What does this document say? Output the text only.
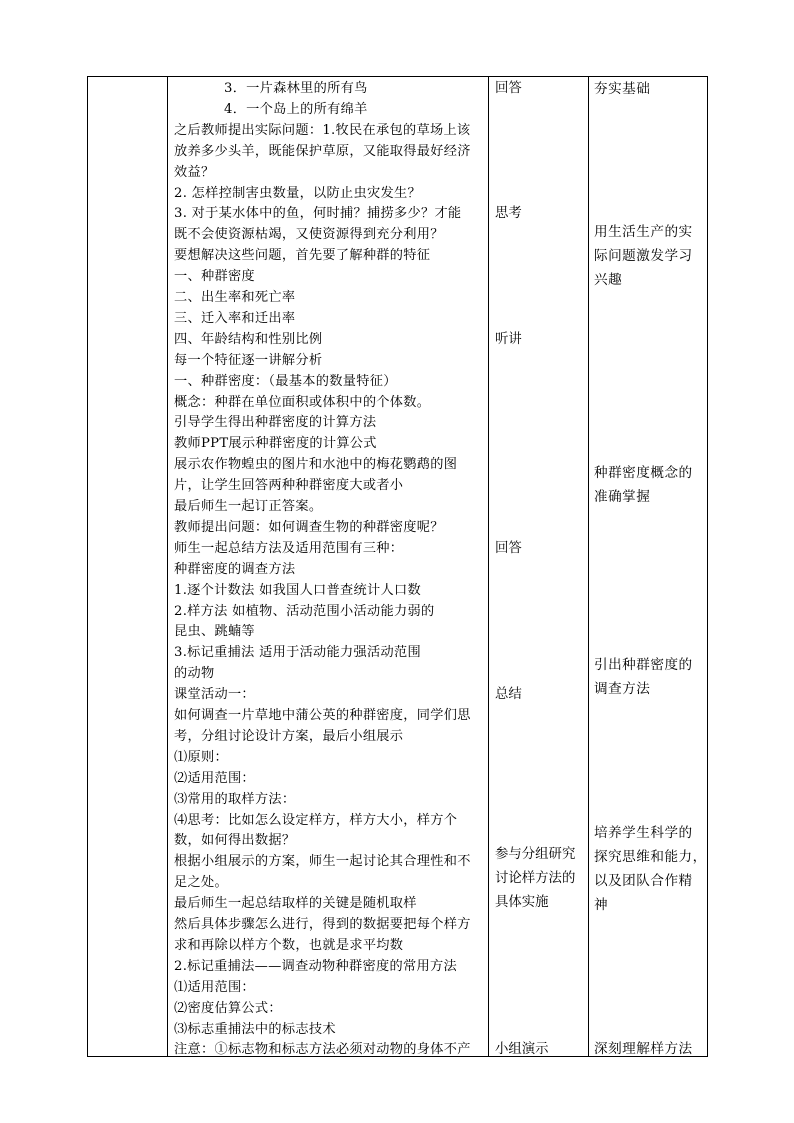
3．一片森林里的所有鸟
4．一个岛上的所有绵羊
之后教师提出实际问题：1.牧民在承包的草场上该
放养多少头羊，既能保护草原，又能取得最好经济
效益？
2. 怎样控制害虫数量，以防止虫灾发生？
3. 对于某水体中的鱼，何时捕？捕捞多少？才能
既不会使资源枯竭，又使资源得到充分利用？
要想解决这些问题，首先要了解种群的特征
一、种群密度
二、出生率和死亡率
三、迁入率和迁出率
四、年龄结构和性别比例
每一个特征逐一讲解分析
一、种群密度：（最基本的数量特征）
概念：种群在单位面积或体积中的个体数。
引导学生得出种群密度的计算方法
教师PPT展示种群密度的计算公式
展示农作物蝗虫的图片和水池中的梅花鹦鹉的图
片，让学生回答两种种群密度大或者小
最后师生一起订正答案。
教师提出问题：如何调查生物的种群密度呢？
师生一起总结方法及适用范围有三种：
种群密度的调查方法
1.逐个计数法 如我国人口普查统计人口数
2.样方法 如植物、活动范围小活动能力弱的
昆虫、跳蝻等
3.标记重捕法 适用于活动能力强活动范围
的动物
课堂活动一：
如何调查一片草地中蒲公英的种群密度，同学们思
考，分组讨论设计方案，最后小组展示
⑴原则：
⑵适用范围：
⑶常用的取样方法：
⑷思考：比如怎么设定样方，样方大小，样方个
数，如何得出数据？
根据小组展示的方案，师生一起讨论其合理性和不
足之处。
最后师生一起总结取样的关键是随机取样
然后具体步骤怎么进行，得到的数据要把每个样方
求和再除以样方个数，也就是求平均数
2.标记重捕法——调查动物种群密度的常用方法
⑴适用范围：
⑵密度估算公式：
⑶标志重捕法中的标志技术
注意：①标志物和标志方法必须对动物的身体不产
回答
思考
听讲
回答
总结
参与分组研究
讨论样方法的
具体实施
小组演示
夯实基础
用生活生产的实
际问题激发学习
兴趣
种群密度概念的
准确掌握
引出种群密度的
调查方法
培养学生科学的
探究思维和能力，
以及团队合作精
神
深刻理解样方法
